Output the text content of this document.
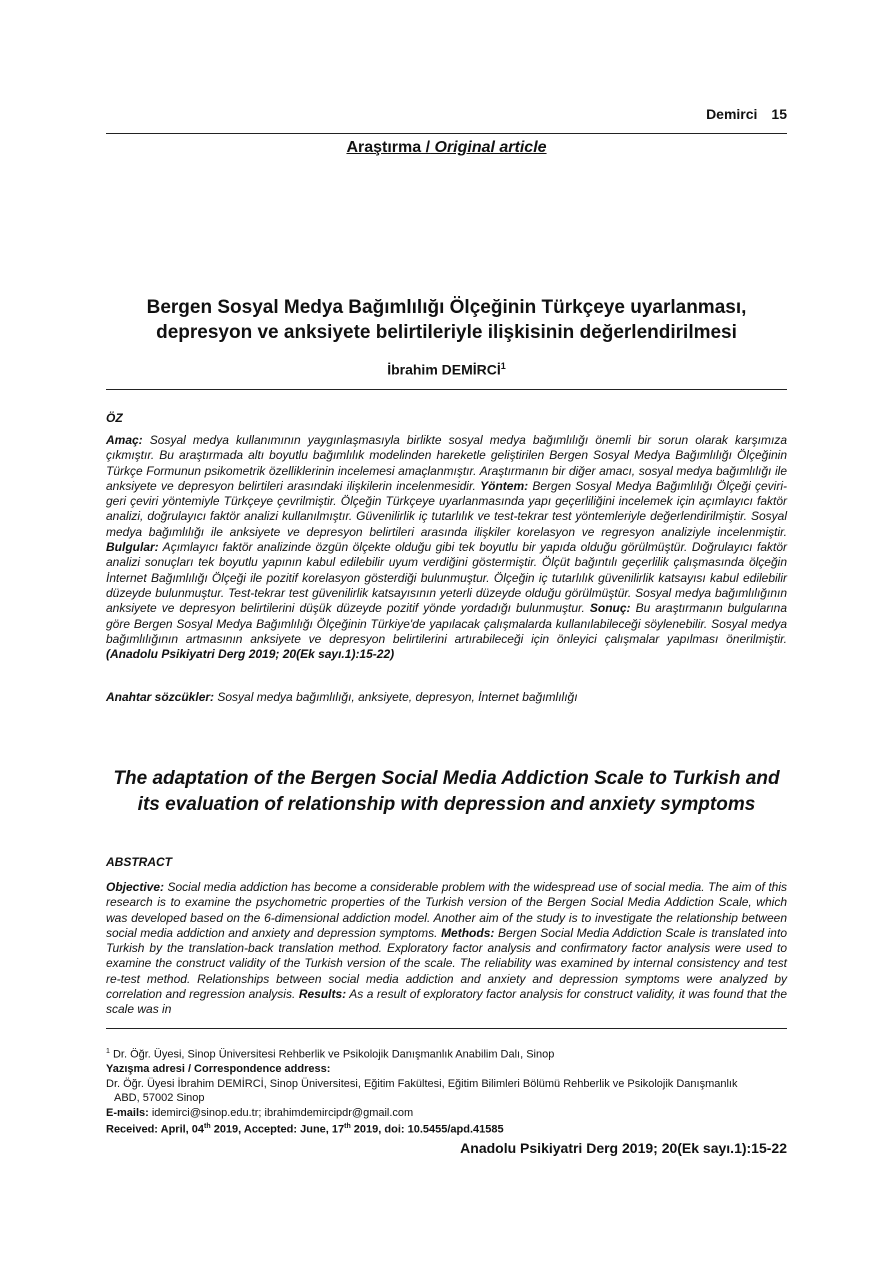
Demirci 15
Araştırma / Original article
Bergen Sosyal Medya Bağımlılığı Ölçeğinin Türkçeye uyarlanması, depresyon ve anksiyete belirtileriyle ilişkisinin değerlendirilmesi
İbrahim DEMİRCİ$^1$
ÖZ
Amaç: Sosyal medya kullanımının yaygınlaşmasıyla birlikte sosyal medya bağımlılığı önemli bir sorun olarak karşımıza çıkmıştır. Bu araştırmada altı boyutlu bağımlılık modelinden hareketle geliştirilen Bergen Sosyal Medya Bağımlılığı Ölçeğinin Türkçe Formunun psikometrik özelliklerinin incelemesi amaçlanmıştır. Araştırmanın bir diğer amacı, sosyal medya bağımlılığı ile anksiyete ve depresyon belirtileri arasındaki ilişkilerin incelenmesidir. Yöntem: Bergen Sosyal Medya Bağımlılığı Ölçeği çeviri-geri çeviri yöntemiyle Türkçeye çevrilmiştir. Ölçeğin Türkçeye uyarlanmasında yapı geçerliliğini incelemek için açımlayıcı faktör analizi, doğrulayıcı faktör analizi kullanılmıştır. Güvenilirlik iç tutarlılık ve test-tekrar test yöntemleriyle değerlendirilmiştir. Sosyal medya bağımlılığı ile anksiyete ve depresyon belirtileri arasında ilişkiler korelasyon ve regresyon analiziyle incelenmiştir. Bulgular: Açımlayıcı faktör analizinde özgün ölçekte olduğu gibi tek boyutlu bir yapıda olduğu görülmüştür. Doğrulayıcı faktör analizi sonuçları tek boyutlu yapının kabul edilebilir uyum verdiğini göstermiştir. Ölçüt bağıntılı geçerlilik çalışmasında ölçeğin İnternet Bağımlılığı Ölçeği ile pozitif korelasyon gösterdiği bulunmuştur. Ölçeğin iç tutarlılık güvenilirlik katsayısı kabul edilebilir düzeyde bulunmuştur. Test-tekrar test güvenilirlik katsayısının yeterli düzeyde olduğu görülmüştür. Sosyal medya bağımlılığının anksiyete ve depresyon belirtilerini düşük düzeyde pozitif yönde yordadığı bulunmuştur. Sonuç: Bu araştırmanın bulgularına göre Bergen Sosyal Medya Bağımlılığı Ölçeğinin Türkiye'de yapılacak çalışmalarda kullanılabileceği söylenebilir. Sosyal medya bağımlılığının artmasının anksiyete ve depresyon belirtilerini artırabileceği için önleyici çalışmalar yapılması önerilmiştir. (Anadolu Psikiyatri Derg 2019; 20(Ek sayı.1):15-22)
Anahtar sözcükler: Sosyal medya bağımlılığı, anksiyete, depresyon, İnternet bağımlılığı
The adaptation of the Bergen Social Media Addiction Scale to Turkish and its evaluation of relationship with depression and anxiety symptoms
ABSTRACT
Objective: Social media addiction has become a considerable problem with the widespread use of social media. The aim of this research is to examine the psychometric properties of the Turkish version of the Bergen Social Media Addiction Scale, which was developed based on the 6-dimensional addiction model. Another aim of the study is to investigate the relationship between social media addiction and anxiety and depression symptoms. Methods: Bergen Social Media Addiction Scale is translated into Turkish by the translation-back translation method. Exploratory factor analysis and confirmatory factor analysis were used to examine the construct validity of the Turkish version of the scale. The reliability was examined by internal consistency and test re-test method. Relationships between social media addiction and anxiety and depression symptoms were analyzed by correlation and regression analysis. Results: As a result of exploratory factor analysis for construct validity, it was found that the scale was in
$^1$ Dr. Öğr. Üyesi, Sinop Üniversitesi Rehberlik ve Psikolojik Danışmanlık Anabilim Dalı, Sinop
Yazışma adresi / Correspondence address:
Dr. Öğr. Üyesi İbrahim DEMİRCİ, Sinop Üniversitesi, Eğitim Fakültesi, Eğitim Bilimleri Bölümü Rehberlik ve Psikolojik Danışmanlık
ABD, 57002 Sinop
E-mails: idemirci@sinop.edu.tr; ibrahimdemircipdr@gmail.com
Received: April, 04th 2019, Accepted: June, 17th 2019, doi: 10.5455/apd.41585
Anadolu Psikiyatri Derg 2019; 20(Ek sayı.1):15-22
